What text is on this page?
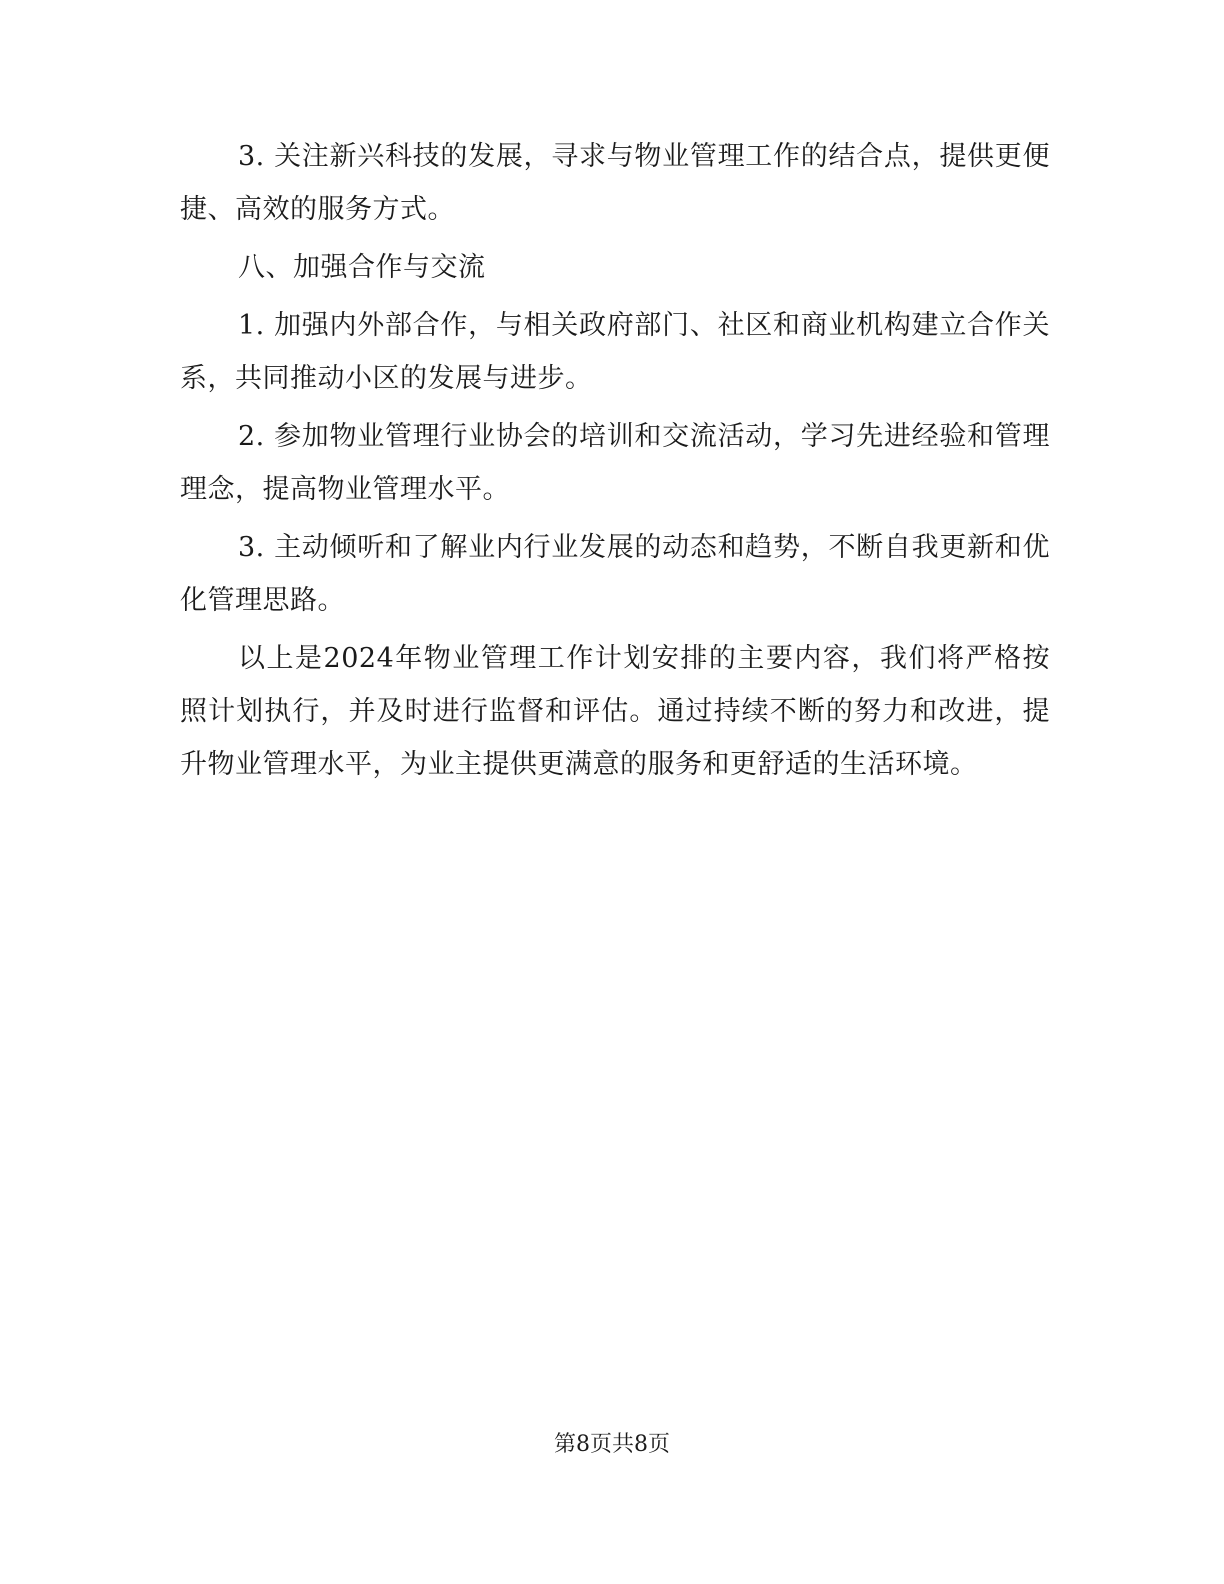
3. 关注新兴科技的发展，寻求与物业管理工作的结合点，提供更便捷、高效的服务方式。

八、加强合作与交流

1. 加强内外部合作，与相关政府部门、社区和商业机构建立合作关系，共同推动小区的发展与进步。

2. 参加物业管理行业协会的培训和交流活动，学习先进经验和管理理念，提高物业管理水平。

3. 主动倾听和了解业内行业发展的动态和趋势，不断自我更新和优化管理思路。

以上是2024年物业管理工作计划安排的主要内容，我们将严格按照计划执行，并及时进行监督和评估。通过持续不断的努力和改进，提升物业管理水平，为业主提供更满意的服务和更舒适的生活环境。

第8页共8页
